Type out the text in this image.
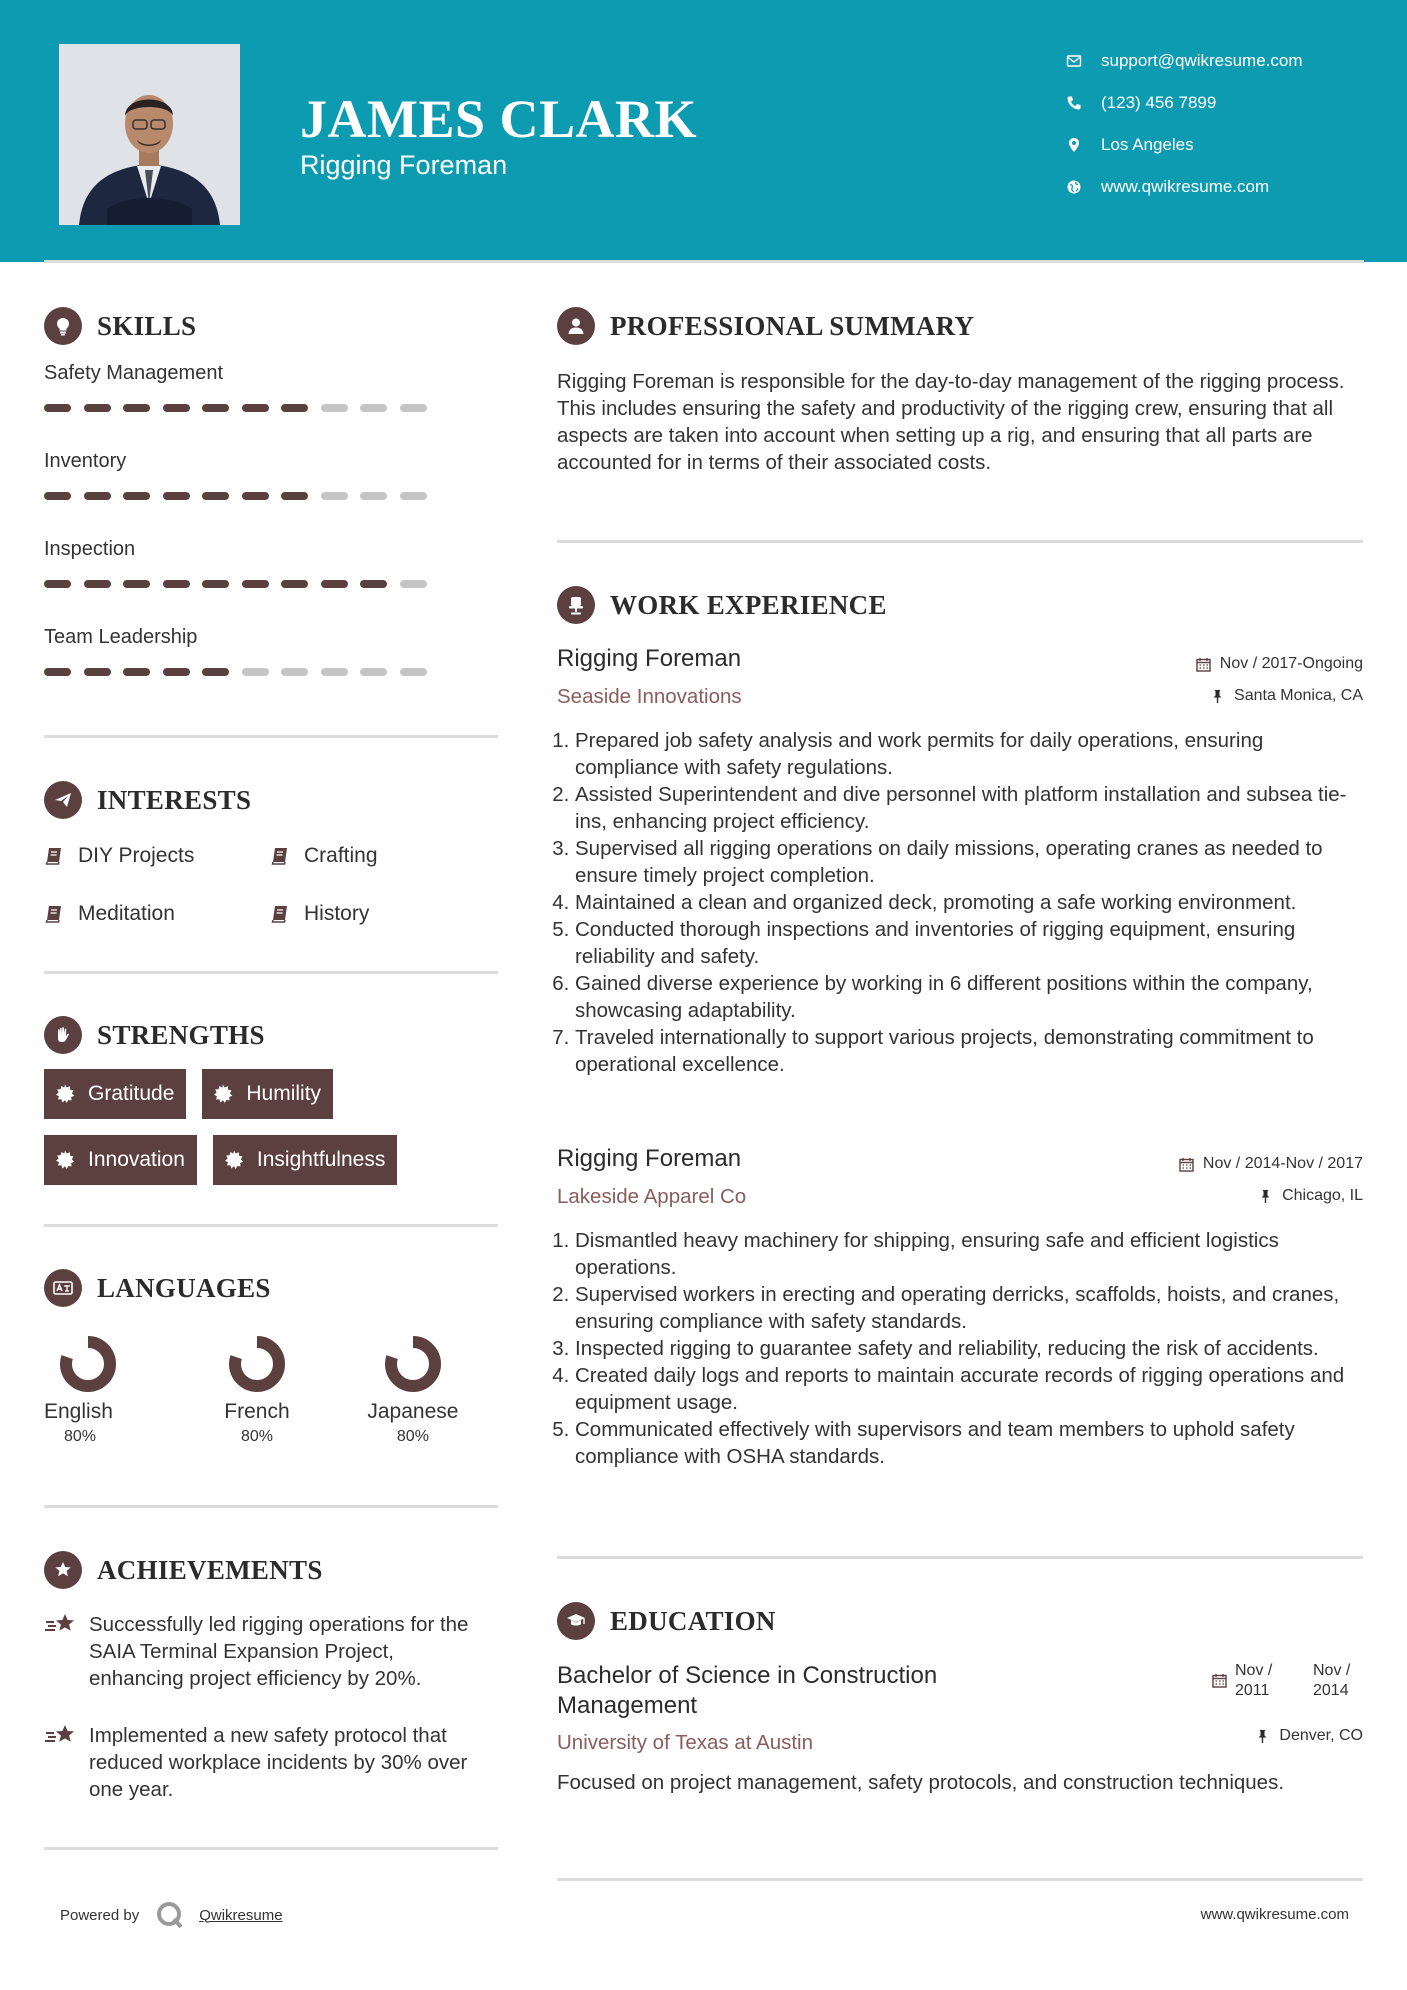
JAMES CLARK
Rigging Foreman
support@qwikresume.com
(123) 456 7899
Los Angeles
www.qwikresume.com
SKILLS
Safety Management
Inventory
Inspection
Team Leadership
INTERESTS
DIY Projects	Crafting
Meditation	History
STRENGTHS
Gratitude	Humility
Innovation	Insightfulness
LANGUAGES
English
80%
French
80%
Japanese
80%
ACHIEVEMENTS
Successfully led rigging operations for the SAIA Terminal Expansion Project, enhancing project efficiency by 20%.
Implemented a new safety protocol that reduced workplace incidents by 30% over one year.
PROFESSIONAL SUMMARY

Rigging Foreman is responsible for the day-to-day management of the rigging process. This includes ensuring the safety and productivity of the rigging crew, ensuring that all aspects are taken into account when setting up a rig, and ensuring that all parts are accounted for in terms of their associated costs.

WORK EXPERIENCE
Rigging Foreman
Seaside Innovations
Nov / 2017-Ongoing
Santa Monica, CA
1. Prepared job safety analysis and work permits for daily operations, ensuring compliance with safety regulations.
2. Assisted Superintendent and dive personnel with platform installation and subsea tie-ins, enhancing project efficiency.
3. Supervised all rigging operations on daily missions, operating cranes as needed to ensure timely project completion.
4. Maintained a clean and organized deck, promoting a safe working environment.
5. Conducted thorough inspections and inventories of rigging equipment, ensuring reliability and safety.
6. Gained diverse experience by working in 6 different positions within the company, showcasing adaptability.
7. Traveled internationally to support various projects, demonstrating commitment to operational excellence.
Rigging Foreman
Lakeside Apparel Co
Nov / 2014-Nov / 2017
Chicago, IL
1. Dismantled heavy machinery for shipping, ensuring safe and efficient logistics operations.
2. Supervised workers in erecting and operating derricks, scaffolds, hoists, and cranes, ensuring compliance with safety standards.
3. Inspected rigging to guarantee safety and reliability, reducing the risk of accidents.
4. Created daily logs and reports to maintain accurate records of rigging operations and equipment usage.
5. Communicated effectively with supervisors and team members to uphold safety compliance with OSHA standards.
EDUCATION
Bachelor of Science in Construction Management
University of Texas at Austin
Nov / 2011
Nov / 2014
Denver, CO

Focused on project management, safety protocols, and construction techniques.

Powered by	Qwikresume	www.qwikresume.com
